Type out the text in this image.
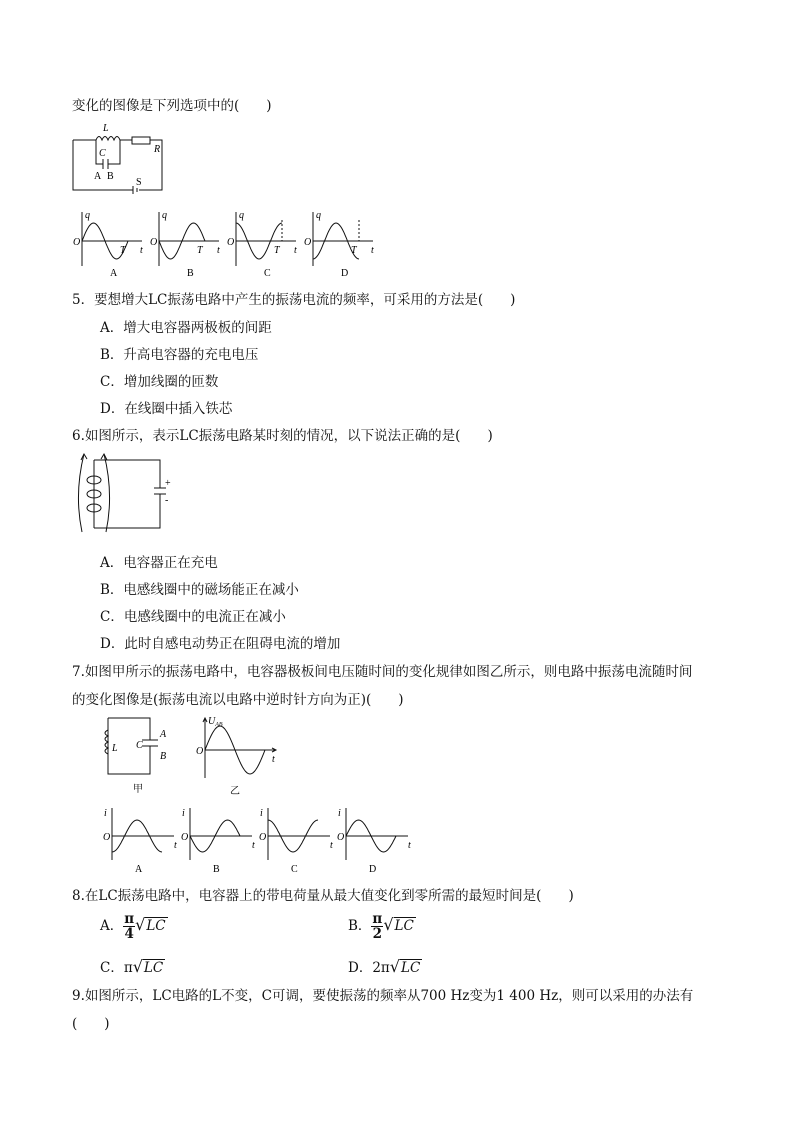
变化的图像是下列选项中的(　　)
L
R
C
A B
S
q
O
T t
A
q
O
T t
B
q
O
T t
C
q
O
T t
D
5．要想增大LC振荡电路中产生的振荡电流的频率，可采用的方法是(　　)
A．增大电容器两极板的间距
B．升高电容器的充电电压
C．增加线圈的匝数
D．在线圈中插入铁芯
6.如图所示，表示LC振荡电路某时刻的情况，以下说法正确的是(　　)
+
-
A．电容器正在充电
B．电感线圈中的磁场能正在减小
C．电感线圈中的电流正在减小
D．此时自感电动势正在阻碍电流的增加
7.如图甲所示的振荡电路中，电容器极板间电压随时间的变化规律如图乙所示，则电路中振荡电流随时间
的变化图像是(振荡电流以电路中逆时针方向为正)(　　)
L C
A
B
甲	乙
$U_{AB}$
O
t
i
O
t
A
i
O
t
B
i
O
t
C
i
O
t
D
8.在LC振荡电路中，电容器上的带电荷量从最大值变化到零所需的最短时间是(　　)
A． $\frac{\pi}{4} √LC$	B． $\frac{\pi}{2} √LC$
C．π√LC	D．2π√LC
9.如图所示，LC电路的L不变，C可调，要使振荡的频率从700 Hz变为1 400 Hz，则可以采用的办法有
(　　)
